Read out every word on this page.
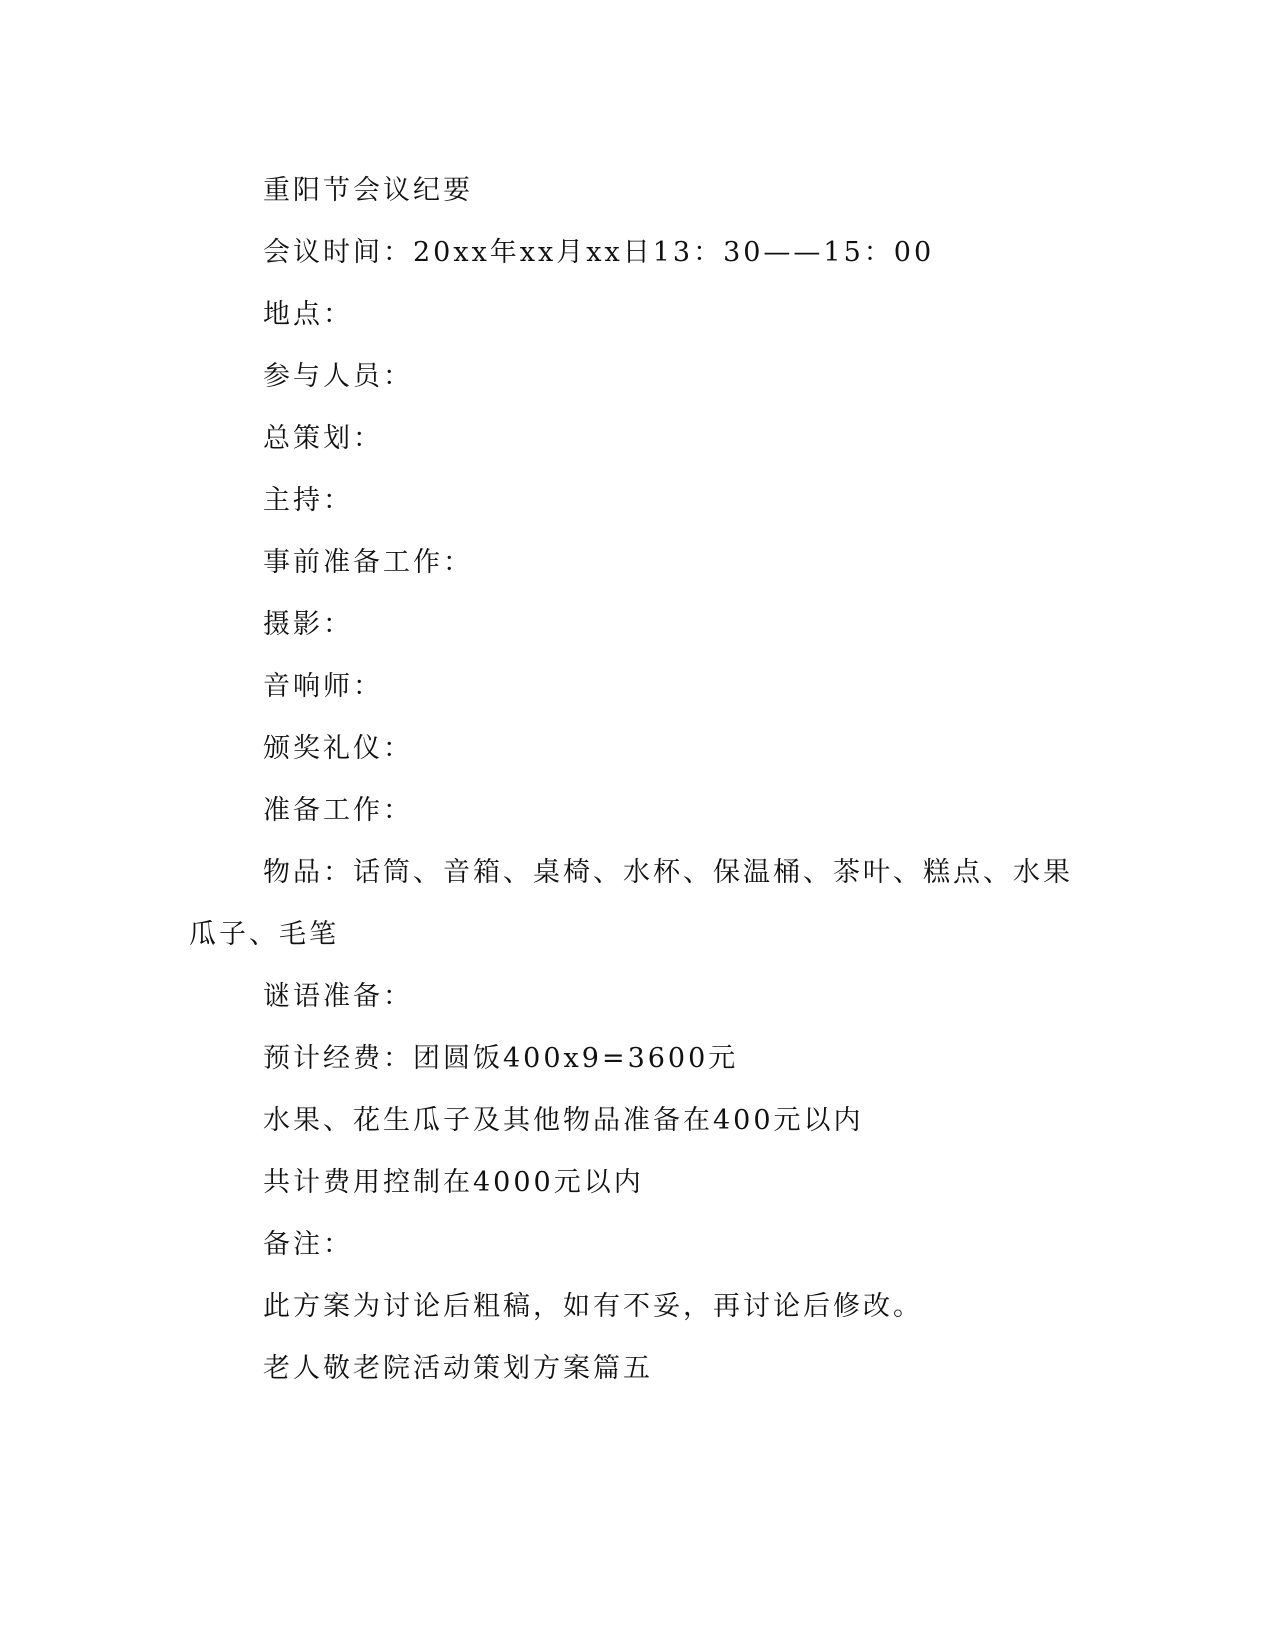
重阳节会议纪要

会议时间：20xx年xx月xx日13：30——15：00

地点：

参与人员：

总策划：

主持：

事前准备工作：

摄影：

音响师：

颁奖礼仪：

准备工作：

物品：话筒、音箱、桌椅、水杯、保温桶、茶叶、糕点、水果瓜子、毛笔

谜语准备：

预计经费：团圆饭400x9=3600元

水果、花生瓜子及其他物品准备在400元以内

共计费用控制在4000元以内

备注：

此方案为讨论后粗稿，如有不妥，再讨论后修改。

老人敬老院活动策划方案篇五
